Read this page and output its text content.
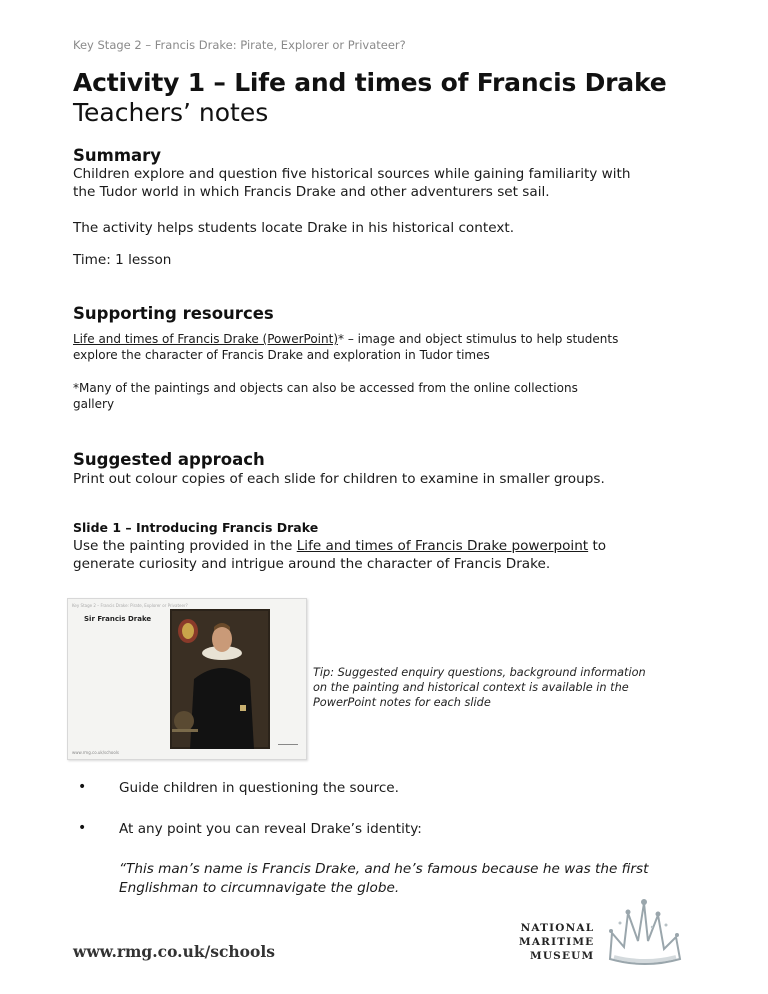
Key Stage 2 – Francis Drake: Pirate, Explorer or Privateer?
Activity 1 – Life and times of Francis Drake
Teachers’ notes
Summary
Children explore and question five historical sources while gaining familiarity with
the Tudor world in which Francis Drake and other adventurers set sail.
The activity helps students locate Drake in his historical context.
Time: 1 lesson
Supporting resources
Life and times of Francis Drake (PowerPoint)* – image and object stimulus to help students
explore the character of Francis Drake and exploration in Tudor times
*Many of the paintings and objects can also be accessed from the online collections
gallery
Suggested approach
Print out colour copies of each slide for children to examine in smaller groups.
Slide 1 – Introducing Francis Drake
Use the painting provided in the Life and times of Francis Drake powerpoint to
generate curiosity and intrigue around the character of Francis Drake.
Key Stage 2 – Francis Drake: Pirate, Explorer or Privateer?
Sir Francis Drake
www.rmg.co.uk/schools
Tip: Suggested enquiry questions, background information
on the painting and historical context is available in the
PowerPoint notes for each slide
• Guide children in questioning the source.
• At any point you can reveal Drake’s identity:
“This man’s name is Francis Drake, and he’s famous because he was the first
Englishman to circumnavigate the globe.
www.rmg.co.uk/schools
NATIONAL
MARITIME
MUSEUM
